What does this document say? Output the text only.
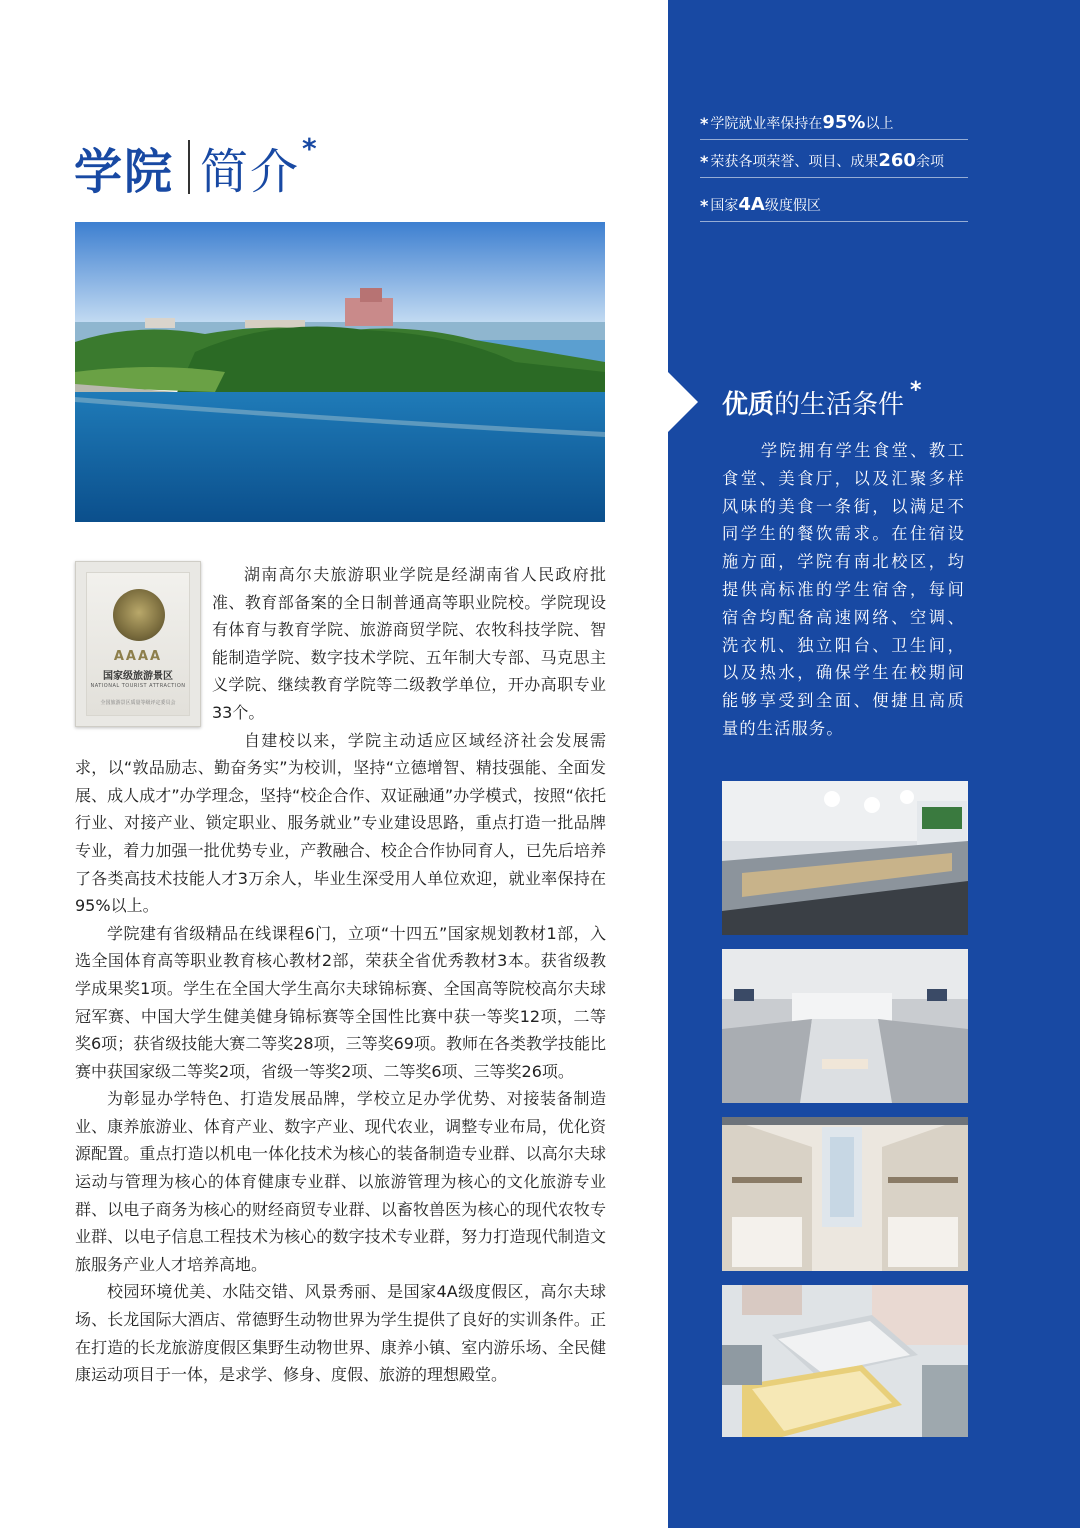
学院 简介 *
AAAA
国家级旅游景区
NATIONAL TOURIST ATTRACTION
全国旅游景区质量等级评定委员会

湖南高尔夫旅游职业学院是经湖南省人民政府批准、教育部备案的全日制普通高等职业院校。学院现设有体育与教育学院、旅游商贸学院、农牧科技学院、智能制造学院、数字技术学院、五年制大专部、马克思主义学院、继续教育学院等二级教学单位，开办高职专业33个。

自建校以来，学院主动适应区域经济社会发展需求，以“敦品励志、勤奋务实”为校训，坚持“立德增智、精技强能、全面发展、成人成才”办学理念，坚持“校企合作、双证融通”办学模式，按照“依托行业、对接产业、锁定职业、服务就业”专业建设思路，重点打造一批品牌专业，着力加强一批优势专业，产教融合、校企合作协同育人，已先后培养了各类高技术技能人才3万余人，毕业生深受用人单位欢迎，就业率保持在95%以上。

学院建有省级精品在线课程6门，立项“十四五”国家规划教材1部，入选全国体育高等职业教育核心教材2部，荣获全省优秀教材3本。获省级教学成果奖1项。学生在全国大学生高尔夫球锦标赛、全国高等院校高尔夫球冠军赛、中国大学生健美健身锦标赛等全国性比赛中获一等奖12项，二等奖6项；获省级技能大赛二等奖28项，三等奖69项。教师在各类教学技能比赛中获国家级二等奖2项，省级一等奖2项、二等奖6项、三等奖26项。

为彰显办学特色、打造发展品牌，学校立足办学优势、对接装备制造业、康养旅游业、体育产业、数字产业、现代农业，调整专业布局，优化资源配置。重点打造以机电一体化技术为核心的装备制造专业群、以高尔夫球运动与管理为核心的体育健康专业群、以旅游管理为核心的文化旅游专业群、以电子商务为核心的财经商贸专业群、以畜牧兽医为核心的现代农牧专业群、以电子信息工程技术为核心的数字技术专业群，努力打造现代制造文旅服务产业人才培养高地。

校园环境优美、水陆交错、风景秀丽、是国家4A级度假区，高尔夫球场、长龙国际大酒店、常德野生动物世界为学生提供了良好的实训条件。正在打造的长龙旅游度假区集野生动物世界、康养小镇、室内游乐场、全民健康运动项目于一体，是求学、修身、度假、旅游的理想殿堂。

* 学院就业率保持在 95% 以上
* 荣获各项荣誉、项目、成果 260 余项
* 国家 4A 级度假区
优质 的生活条件 *
学院拥有学生食堂、教工食堂、美食厅，以及汇聚多样风味的美食一条街，以满足不同学生的餐饮需求。在住宿设施方面，学院有南北校区，均提供高标准的学生宿舍，每间宿舍均配备高速网络、空调、洗衣机、独立阳台、卫生间，以及热水，确保学生在校期间能够享受到全面、便捷且高质量的生活服务。
